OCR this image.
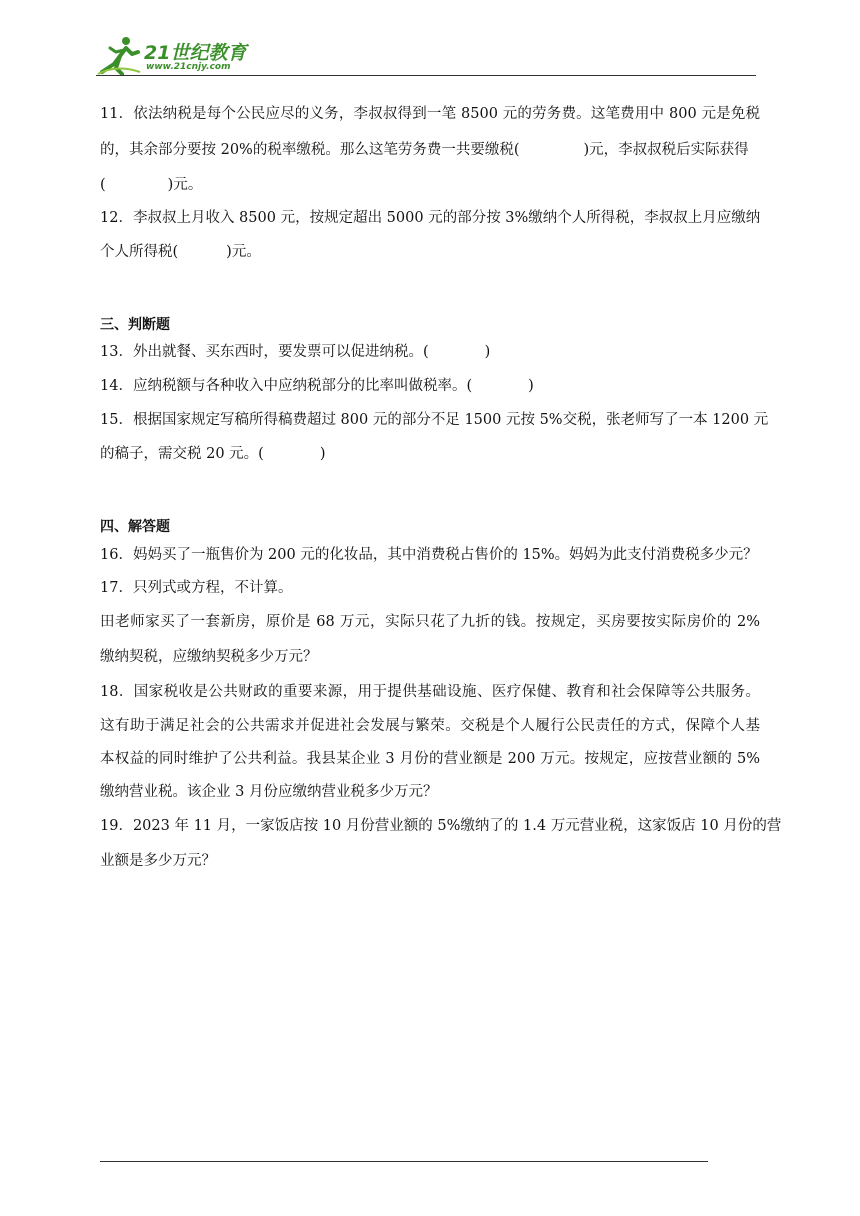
21世纪教育
www.21cnjy.com
11．依法纳税是每个公民应尽的义务，李叔叔得到一笔 8500 元的劳务费。这笔费用中 800 元是免税
的，其余部分要按 20%的税率缴税。那么这笔劳务费一共要缴税(	)元，李叔叔税后实际获得
(	)元。
12．李叔叔上月收入 8500 元，按规定超出 5000 元的部分按 3%缴纳个人所得税，李叔叔上月应缴纳
个人所得税(	)元。
三、判断题
13．外出就餐、买东西时，要发票可以促进纳税。(	)
14．应纳税额与各种收入中应纳税部分的比率叫做税率。(	)
15．根据国家规定写稿所得稿费超过 800 元的部分不足 1500 元按 5%交税，张老师写了一本 1200 元
的稿子，需交税 20 元。(	)
四、解答题
16．妈妈买了一瓶售价为 200 元的化妆品，其中消费税占售价的 15%。妈妈为此支付消费税多少元？
17．只列式或方程，不计算。
田老师家买了一套新房，原价是 68 万元，实际只花了九折的钱。按规定，买房要按实际房价的 2%
缴纳契税，应缴纳契税多少万元？
18．国家税收是公共财政的重要来源，用于提供基础设施、医疗保健、教育和社会保障等公共服务。
这有助于满足社会的公共需求并促进社会发展与繁荣。交税是个人履行公民责任的方式，保障个人基
本权益的同时维护了公共利益。我县某企业 3 月份的营业额是 200 万元。按规定，应按营业额的 5%
缴纳营业税。该企业 3 月份应缴纳营业税多少万元？
19．2023 年 11 月，一家饭店按 10 月份营业额的 5%缴纳了的 1.4 万元营业税，这家饭店 10 月份的营
业额是多少万元？
